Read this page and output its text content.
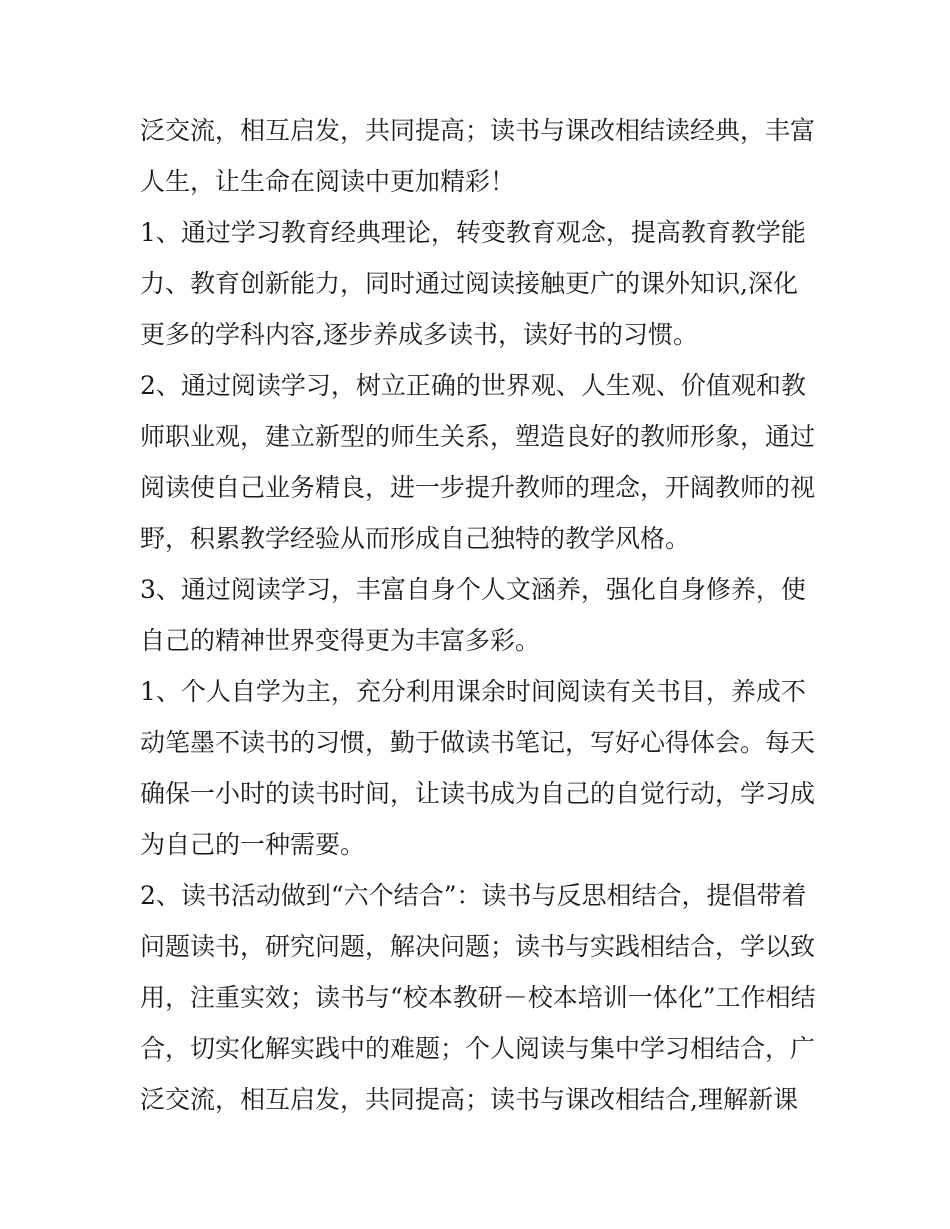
泛交流，相互启发，共同提高；读书与课改相结读经典，丰富
人生，让生命在阅读中更加精彩！
1、通过学习教育经典理论，转变教育观念，提高教育教学能
力、教育创新能力，同时通过阅读接触更广的课外知识,深化
更多的学科内容,逐步养成多读书，读好书的习惯。
2、通过阅读学习，树立正确的世界观、人生观、价值观和教
师职业观，建立新型的师生关系，塑造良好的教师形象，通过
阅读使自己业务精良，进一步提升教师的理念，开阔教师的视
野，积累教学经验从而形成自己独特的教学风格。
3、通过阅读学习，丰富自身个人文涵养，强化自身修养，使
自己的精神世界变得更为丰富多彩。
1、个人自学为主，充分利用课余时间阅读有关书目，养成不
动笔墨不读书的习惯，勤于做读书笔记，写好心得体会。每天
确保一小时的读书时间，让读书成为自己的自觉行动，学习成
为自己的一种需要。
2、读书活动做到“六个结合”：读书与反思相结合，提倡带着
问题读书，研究问题，解决问题；读书与实践相结合，学以致
用，注重实效；读书与“校本教研－校本培训一体化”工作相结
合，切实化解实践中的难题；个人阅读与集中学习相结合，广
泛交流，相互启发，共同提高；读书与课改相结合,理解新课
